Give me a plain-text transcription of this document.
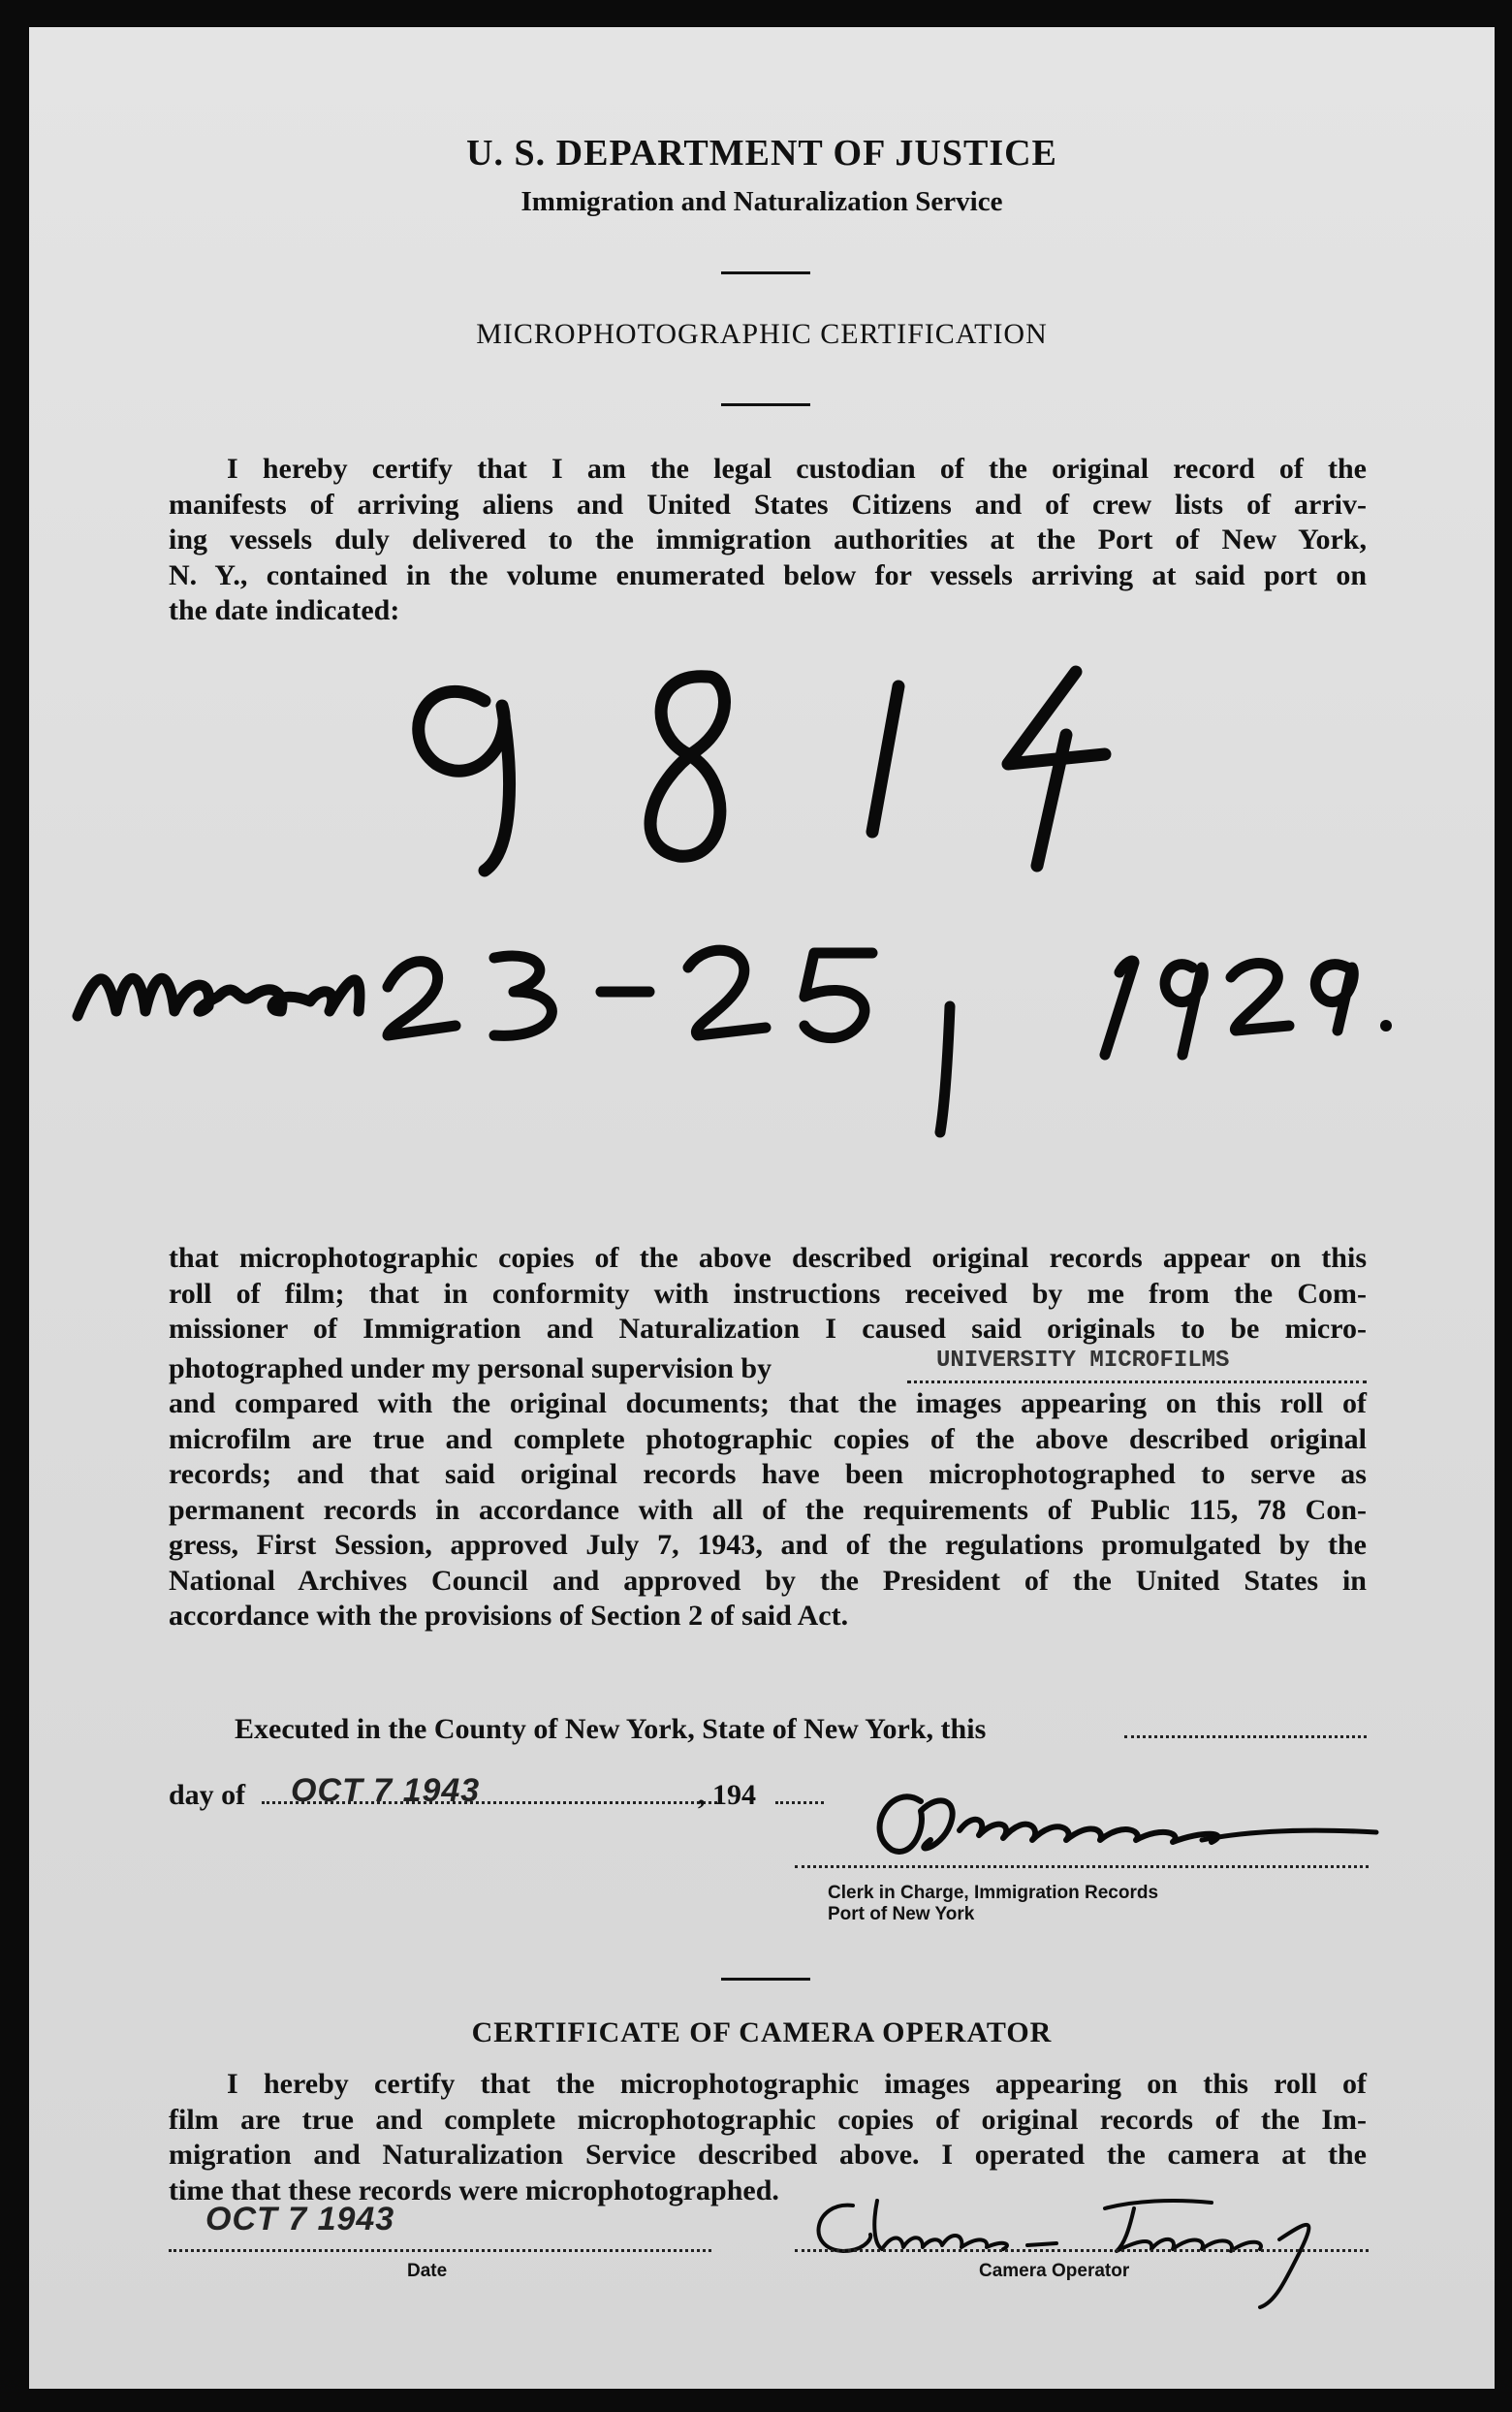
U. S. DEPARTMENT OF JUSTICE
Immigration and Naturalization Service
MICROPHOTOGRAPHIC CERTIFICATION
I hereby certify that I am the legal custodian of the original record of the
manifests of arriving aliens and United States Citizens and of crew lists of arriv-
ing vessels duly delivered to the immigration authorities at the Port of New York,
N. Y., contained in the volume enumerated below for vessels arriving at said port on
the date indicated:
that microphotographic copies of the above described original records appear on this
roll of film; that in conformity with instructions received by me from the Com-
missioner of Immigration and Naturalization I caused said originals to be micro-
photographed under my personal supervision by	UNIVERSITY MICROFILMS
and compared with the original documents; that the images appearing on this roll of
microfilm are true and complete photographic copies of the above described original
records; and that said original records have been microphotographed to serve as
permanent records in accordance with all of the requirements of Public 115, 78 Con-
gress, First Session, approved July 7, 1943, and of the regulations promulgated by the
National Archives Council and approved by the President of the United States in
accordance with the provisions of Section 2 of said Act.
Executed in the County of New York, State of New York, this
day of OCT 7 1943	, 194
Clerk in Charge, Immigration Records
Port of New York
CERTIFICATE OF CAMERA OPERATOR
I hereby certify that the microphotographic images appearing on this roll of
film are true and complete microphotographic copies of original records of the Im-
migration and Naturalization Service described above. I operated the camera at the
time that these records were microphotographed.
OCT 7 1943
Date	Camera Operator
